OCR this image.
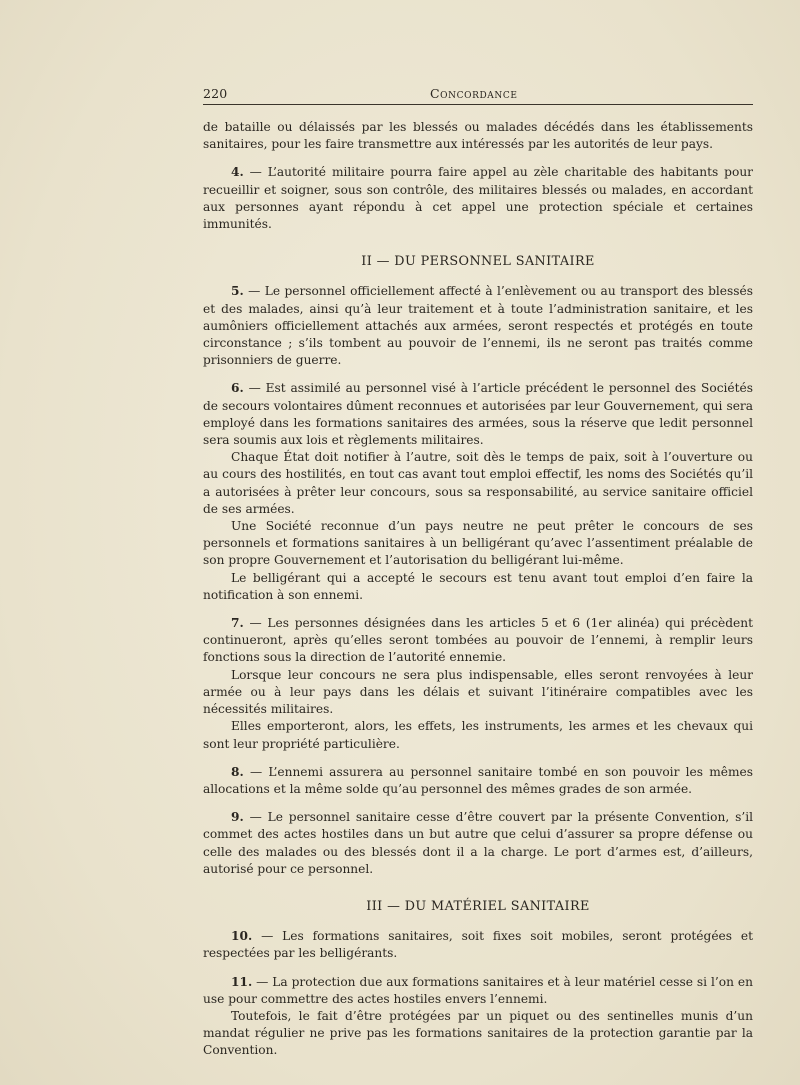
220	Concordance

de bataille ou délaissés par les blessés ou malades décédés dans les établissements sanitaires, pour les faire transmettre aux intéressés par les autorités de leur pays.

4. — L’autorité militaire pourra faire appel au zèle charitable des habitants pour recueillir et soigner, sous son contrôle, des militaires blessés ou malades, en accordant aux personnes ayant répondu à cet appel une protection spéciale et certaines immunités.

II — DU PERSONNEL SANITAIRE

5. — Le personnel officiellement affecté à l’enlèvement ou au transport des blessés et des malades, ainsi qu’à leur traitement et à toute l’administration sanitaire, et les aumôniers officiellement attachés aux armées, seront respectés et protégés en toute circonstance ; s’ils tombent au pouvoir de l’ennemi, ils ne seront pas traités comme prisonniers de guerre.

6. — Est assimilé au personnel visé à l’article précédent le personnel des Sociétés de secours volontaires dûment reconnues et autorisées par leur Gouvernement, qui sera employé dans les formations sanitaires des armées, sous la réserve que ledit personnel sera soumis aux lois et règlements militaires.

Chaque État doit notifier à l’autre, soit dès le temps de paix, soit à l’ouverture ou au cours des hostilités, en tout cas avant tout emploi effectif, les noms des Sociétés qu’il a autorisées à prêter leur concours, sous sa responsabilité, au service sanitaire officiel de ses armées.

Une Société reconnue d’un pays neutre ne peut prêter le concours de ses personnels et formations sanitaires à un belligérant qu’avec l’assentiment préalable de son propre Gouvernement et l’autorisation du belligérant lui-même.

Le belligérant qui a accepté le secours est tenu avant tout emploi d’en faire la notification à son ennemi.

7. — Les personnes désignées dans les articles 5 et 6 (1er alinéa) qui précèdent continueront, après qu’elles seront tombées au pouvoir de l’ennemi, à remplir leurs fonctions sous la direction de l’autorité ennemie.

Lorsque leur concours ne sera plus indispensable, elles seront renvoyées à leur armée ou à leur pays dans les délais et suivant l’itinéraire compatibles avec les nécessités militaires.

Elles emporteront, alors, les effets, les instruments, les armes et les chevaux qui sont leur propriété particulière.

8. — L’ennemi assurera au personnel sanitaire tombé en son pouvoir les mêmes allocations et la même solde qu’au personnel des mêmes grades de son armée.

9. — Le personnel sanitaire cesse d’être couvert par la présente Convention, s’il commet des actes hostiles dans un but autre que celui d’assurer sa propre défense ou celle des malades ou des blessés dont il a la charge. Le port d’armes est, d’ailleurs, autorisé pour ce personnel.

III — DU MATÉRIEL SANITAIRE

10. — Les formations sanitaires, soit fixes soit mobiles, seront protégées et respectées par les belligérants.

11. — La protection due aux formations sanitaires et à leur matériel cesse si l’on en use pour commettre des actes hostiles envers l’ennemi.

Toutefois, le fait d’être protégées par un piquet ou des sentinelles munis d’un mandat régulier ne prive pas les formations sanitaires de la protection garantie par la Convention.
